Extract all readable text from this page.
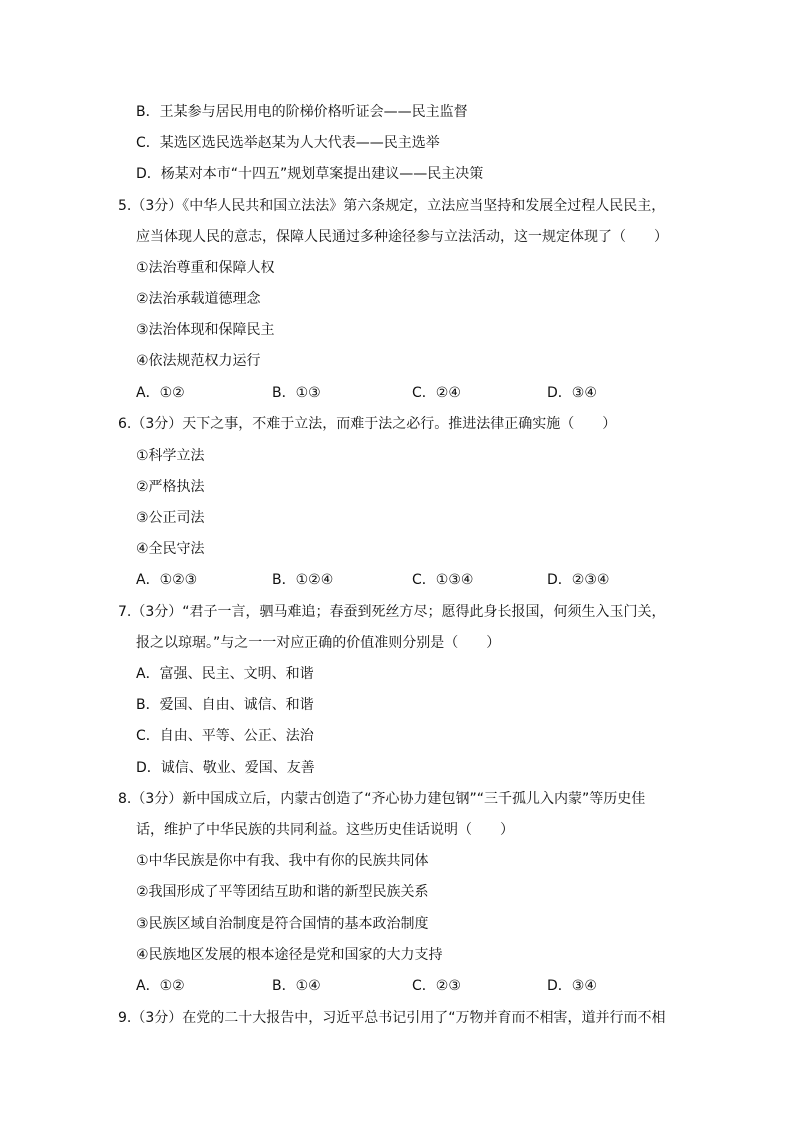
B．王某参与居民用电的阶梯价格听证会——民主监督
C．某选区选民选举赵某为人大代表——民主选举
D．杨某对本市“十四五”规划草案提出建议——民主决策
5.（3分）《中华人民共和国立法法》第六条规定，立法应当坚持和发展全过程人民民主，
应当体现人民的意志，保障人民通过多种途径参与立法活动，这一规定体现了（　　）
①法治尊重和保障人权
②法治承载道德理念
③法治体现和保障民主
④依法规范权力运行
A．①②	B．①③	C．②④	D．③④
6.（3分）天下之事，不难于立法，而难于法之必行。推进法律正确实施（　　）
①科学立法
②严格执法
③公正司法
④全民守法
A．①②③	B．①②④	C．①③④	D．②③④
7.（3分）“君子一言，驷马难追；春蚕到死丝方尽；愿得此身长报国，何须生入玉门关，
报之以琼琚。”与之一一对应正确的价值准则分别是（　　）
A．富强、民主、文明、和谐
B．爱国、自由、诚信、和谐
C．自由、平等、公正、法治
D．诚信、敬业、爱国、友善
8.（3分）新中国成立后，内蒙古创造了“齐心协力建包钢”“三千孤儿入内蒙”等历史佳
话，维护了中华民族的共同利益。这些历史佳话说明（　　）
①中华民族是你中有我、我中有你的民族共同体
②我国形成了平等团结互助和谐的新型民族关系
③民族区域自治制度是符合国情的基本政治制度
④民族地区发展的根本途径是党和国家的大力支持
A．①②	B．①④	C．②③	D．③④
9.（3分）在党的二十大报告中，习近平总书记引用了“万物并育而不相害，道并行而不相
